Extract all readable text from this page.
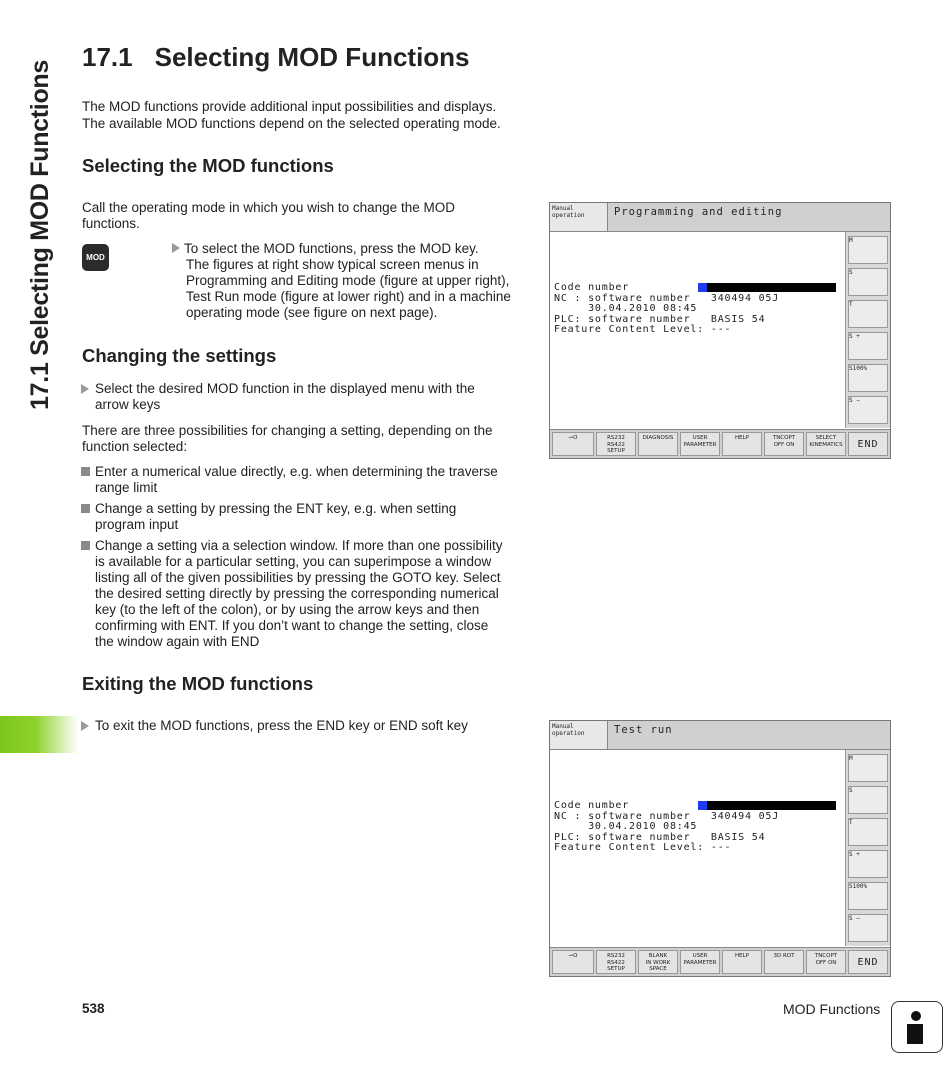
17.1 Selecting MOD Functions
17.1 Selecting MOD Functions

The MOD functions provide additional input possibilities and displays.

The available MOD functions depend on the selected operating mode.

Selecting the MOD functions

Call the operating mode in which you wish to change the MOD

functions.

MOD

To select the MOD functions, press the MOD key.

The figures at right show typical screen menus in

Programming and Editing mode (figure at upper right),

Test Run mode (figure at lower right) and in a machine

operating mode (see figure on next page).

Changing the settings
Select the desired MOD function in the displayed menu with the
arrow keys

There are three possibilities for changing a setting, depending on the

function selected:

Enter a numerical value directly, e.g. when determining the traverse
range limit
Change a setting by pressing the ENT key, e.g. when setting
program input
Change a setting via a selection window. If more than one possibility
is available for a particular setting, you can superimpose a window
listing all of the given possibilities by pressing the GOTO key. Select
the desired setting directly by pressing the corresponding numerical
key (to the left of the colon), or by using the arrow keys and then
confirming with ENT. If you don’t want to change the setting, close
the window again with END
Exiting the MOD functions
To exit the MOD functions, press the END key or END soft key
Manual
operation	Programming and editing
Code number
NC : software number   340494 05J
30.04.2010 08:45
PLC: software number   BASIS 54
Feature Content Level: ---
M
S
T
S +
S100%
S −
⊸O	RS232
RS422
SETUP
DIAGNOSIS	USER
PARAMETER
HELP	TNCOPT
OFF ON
SELECT
KINEMATICS	END
Manual
operation	Test run
Code number
NC : software number   340494 05J
30.04.2010 08:45
PLC: software number   BASIS 54
Feature Content Level: ---
M
S
T
S +
S100%
S −
⊸O	RS232
RS422
SETUP
BLANK
IN WORK
SPACE
USER
PARAMETER
HELP	3D ROT	TNCOPT
OFF ON	END
538	MOD Functions
